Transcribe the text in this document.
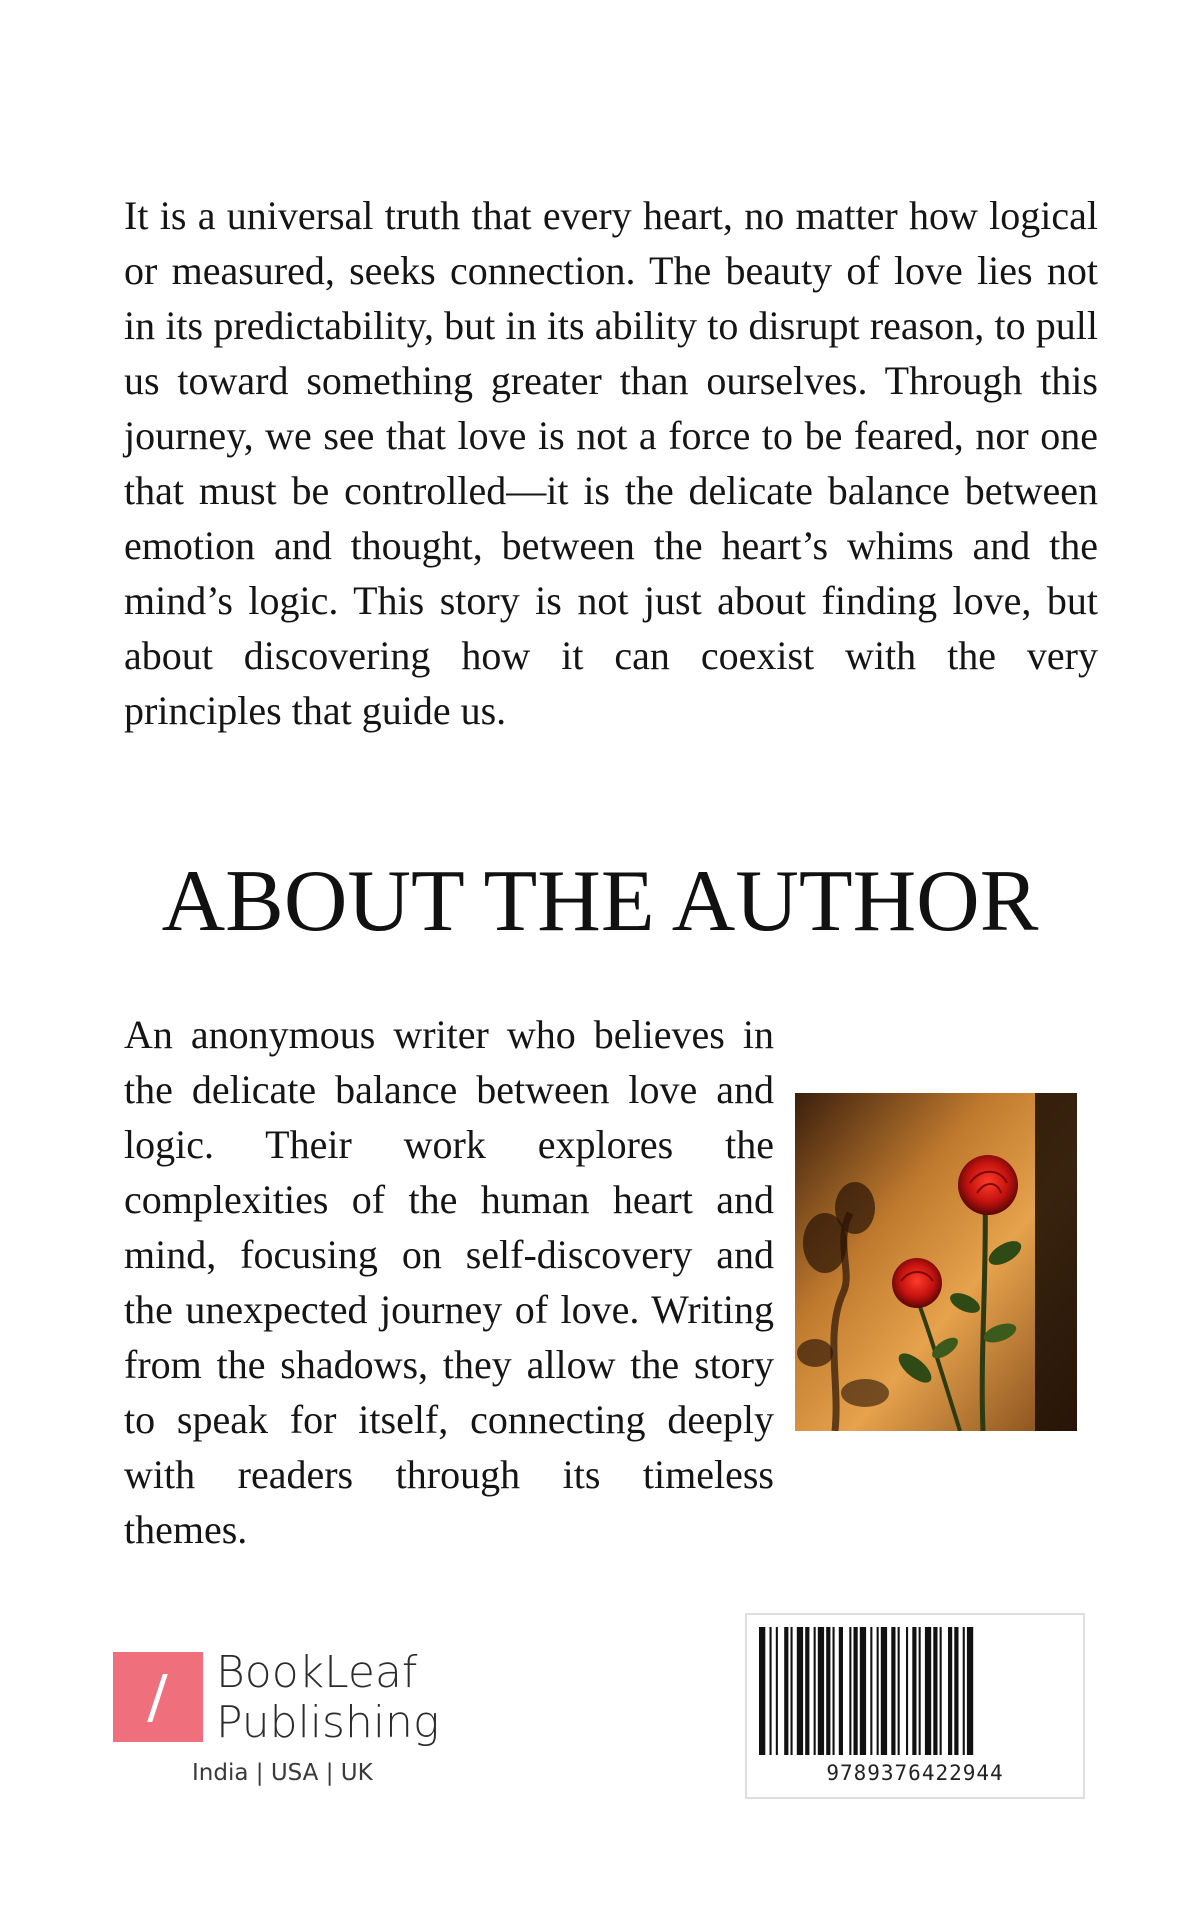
It is a universal truth that every heart, no matter how logical or measured, seeks connection. The beauty of love lies not in its predictability, but in its ability to disrupt reason, to pull us toward something greater than ourselves. Through this journey, we see that love is not a force to be feared, nor one that must be controlled—it is the delicate balance between emotion and thought, between the heart’s whims and the mind’s logic. This story is not just about finding love, but about discovering how it can coexist with the very principles that guide us.

ABOUT THE AUTHOR

An anonymous writer who believes in the delicate balance between love and logic. Their work explores the complexities of the human heart and mind, focusing on self-discovery and the unexpected journey of love. Writing from the shadows, they allow the story to speak for itself, connecting deeply with readers through its timeless themes.

BookLeaf
Publishing
India | USA | UK	9789376422944
